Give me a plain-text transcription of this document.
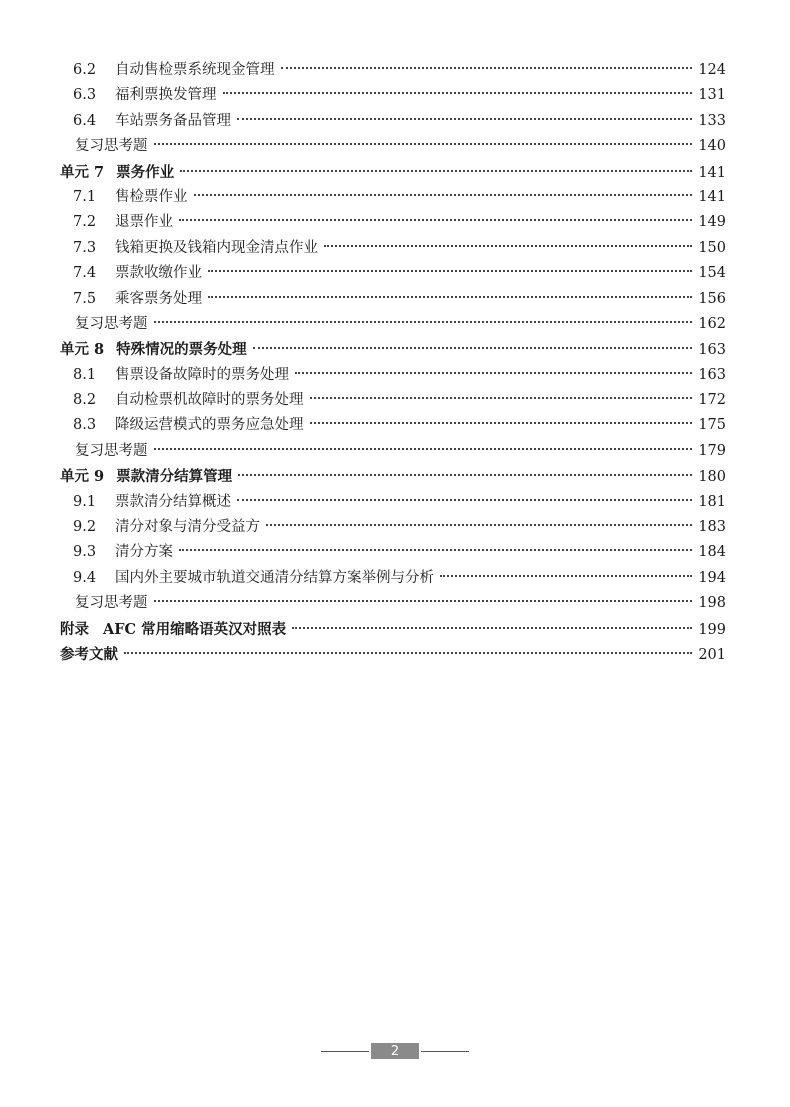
6.2	自动售检票系统现金管理	124
6.3	福利票换发管理	131
6.4	车站票务备品管理	133
复习思考题	140
单元 7 票务作业	141
7.1	售检票作业	141
7.2	退票作业	149
7.3	钱箱更换及钱箱内现金清点作业	150
7.4	票款收缴作业	154
7.5	乘客票务处理	156
复习思考题	162
单元 8 特殊情况的票务处理	163
8.1	售票设备故障时的票务处理	163
8.2	自动检票机故障时的票务处理	172
8.3	降级运营模式的票务应急处理	175
复习思考题	179
单元 9 票款清分结算管理	180
9.1	票款清分结算概述	181
9.2	清分对象与清分受益方	183
9.3	清分方案	184
9.4	国内外主要城市轨道交通清分结算方案举例与分析	194
复习思考题	198
附录 AFC 常用缩略语英汉对照表	199
参考文献	201
2
